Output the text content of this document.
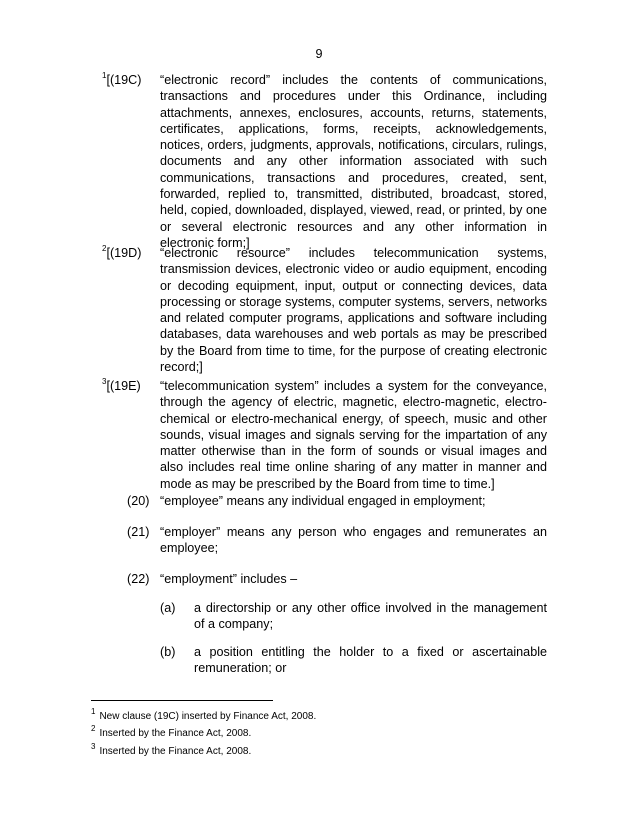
9
$^1$[(19C) “electronic record” includes the contents of communications, transactions and procedures under this Ordinance, including attachments, annexes, enclosures, accounts, returns, statements, certificates, applications, forms, receipts, acknowledgements, notices, orders, judgments, approvals, notifications, circulars, rulings, documents and any other information associated with such communications, transactions and procedures, created, sent, forwarded, replied to, transmitted, distributed, broadcast, stored, held, copied, downloaded, displayed, viewed, read, or printed, by one or several electronic resources and any other information in electronic form;]
$^2$[(19D) “electronic resource” includes telecommunication systems, transmission devices, electronic video or audio equipment, encoding or decoding equipment, input, output or connecting devices, data processing or storage systems, computer systems, servers, networks and related computer programs, applications and software including databases, data warehouses and web portals as may be prescribed by the Board from time to time, for the purpose of creating electronic record;]
$^3$[(19E) “telecommunication system” includes a system for the conveyance, through the agency of electric, magnetic, electro-magnetic, electro-chemical or electro-mechanical energy, of speech, music and other sounds, visual images and signals serving for the impartation of any matter otherwise than in the form of sounds or visual images and also includes real time online sharing of any matter in manner and mode as may be prescribed by the Board from time to time.]
(20) “employee” means any individual engaged in employment;
(21) “employer” means any person who engages and remunerates an employee;
(22) “employment” includes –
(a) a directorship or any other office involved in the management of a company;
(b) a position entitling the holder to a fixed or ascertainable remuneration; or
$^1$ New clause (19C) inserted by Finance Act, 2008.
$^2$ Inserted by the Finance Act, 2008.
$^3$ Inserted by the Finance Act, 2008.
